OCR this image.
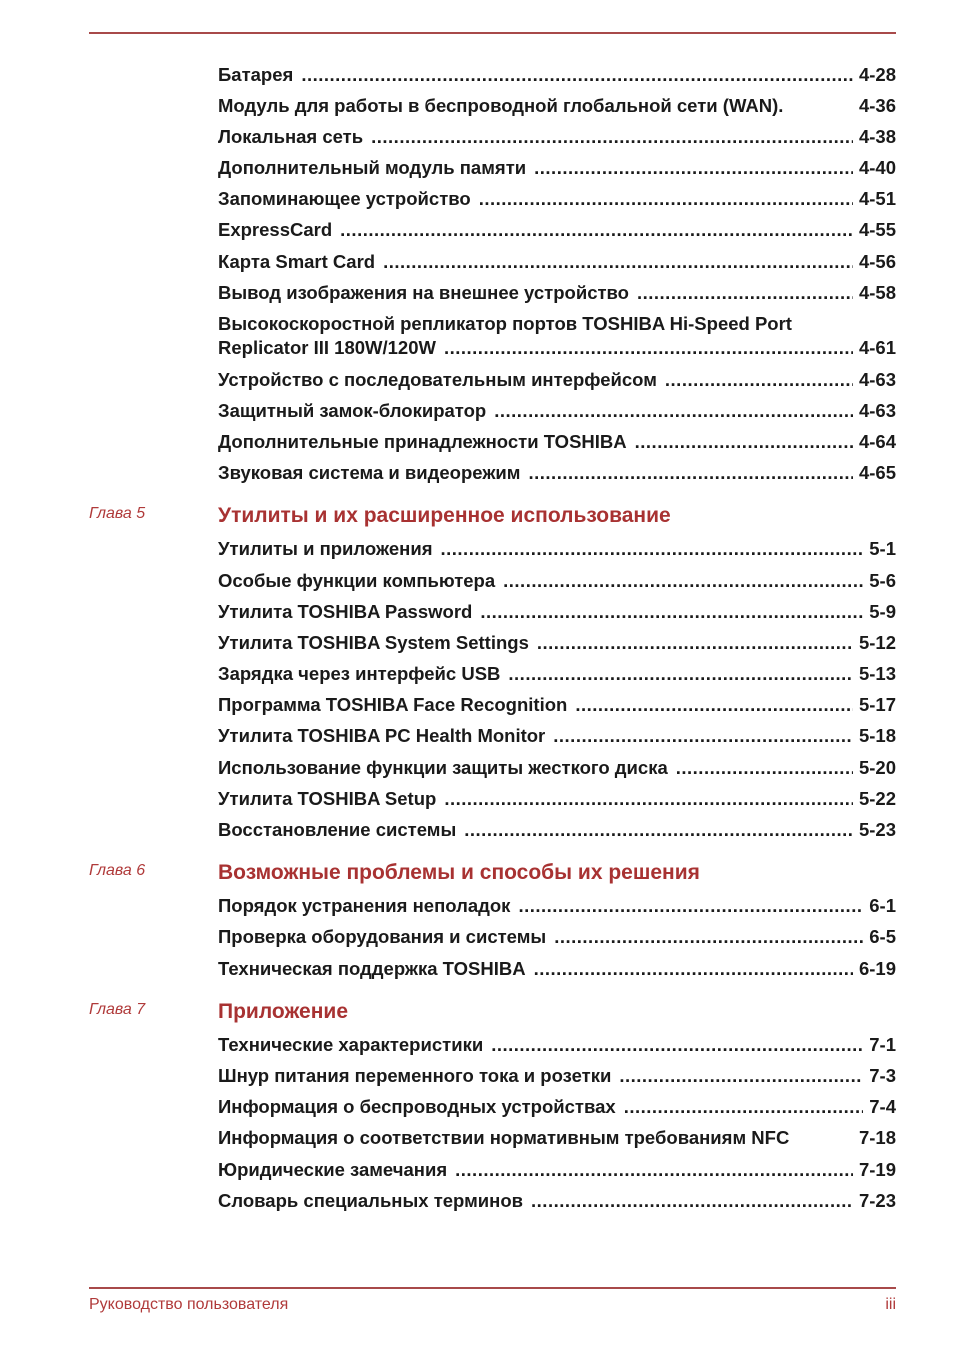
Батарея .....	4-28
Модуль для работы в беспроводной глобальной сети (WAN).	4-36
Локальная сеть .....	4-38
Дополнительный модуль памяти .....	4-40
Запоминающее устройство .....	4-51
ExpressCard .....	4-55
Карта Smart Card .....	4-56
Вывод изображения на внешнее устройство .....	4-58
Высокоскоростной репликатор портов TOSHIBA Hi-Speed Port
Replicator III 180W/120W .....	4-61
Устройство с последовательным интерфейсом .....	4-63
Защитный замок-блокиратор .....	4-63
Дополнительные принадлежности TOSHIBA .....	4-64
Звуковая система и видеорежим .....	4-65
Глава 5	Утилиты и их расширенное использование
Утилиты и приложения .....	5-1
Особые функции компьютера .....	5-6
Утилита TOSHIBA Password .....	5-9
Утилита TOSHIBA System Settings .....	5-12
Зарядка через интерфейс USB .....	5-13
Программа TOSHIBA Face Recognition .....	5-17
Утилита TOSHIBA PC Health Monitor .....	5-18
Использование функции защиты жесткого диска .....	5-20
Утилита TOSHIBA Setup .....	5-22
Восстановление системы .....	5-23
Глава 6	Возможные проблемы и способы их решения
Порядок устранения неполадок .....	6-1
Проверка оборудования и системы .....	6-5
Техническая поддержка TOSHIBA .....	6-19
Глава 7	Приложение
Технические характеристики .....	7-1
Шнур питания переменного тока и розетки .....	7-3
Информация о беспроводных устройствах .....	7-4
Информация о соответствии нормативным требованиям NFC	7-18
Юридические замечания .....	7-19
Словарь специальных терминов .....	7-23
Руководство пользователя	iii
